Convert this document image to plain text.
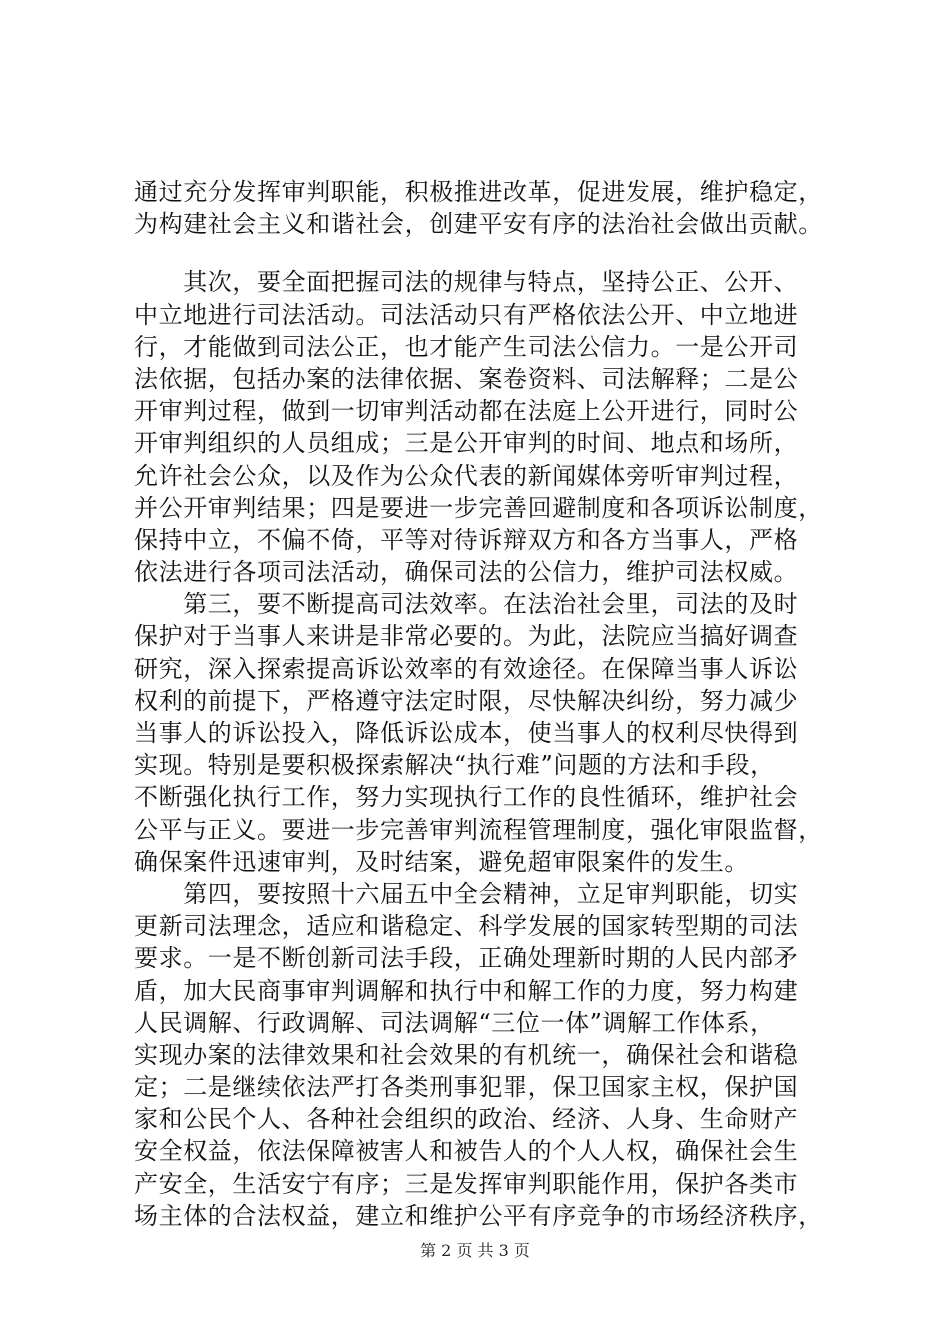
通过充分发挥审判职能，积极推进改革，促进发展，维护稳定，
为构建社会主义和谐社会，创建平安有序的法治社会做出贡献。
　　其次，要全面把握司法的规律与特点，坚持公正、公开、
中立地进行司法活动。司法活动只有严格依法公开、中立地进
行，才能做到司法公正，也才能产生司法公信力。一是公开司
法依据，包括办案的法律依据、案卷资料、司法解释；二是公
开审判过程，做到一切审判活动都在法庭上公开进行，同时公
开审判组织的人员组成；三是公开审判的时间、地点和场所，
允许社会公众，以及作为公众代表的新闻媒体旁听审判过程，
并公开审判结果；四是要进一步完善回避制度和各项诉讼制度，
保持中立，不偏不倚，平等对待诉辩双方和各方当事人，严格
依法进行各项司法活动，确保司法的公信力，维护司法权威。
　　第三，要不断提高司法效率。在法治社会里，司法的及时
保护对于当事人来讲是非常必要的。为此，法院应当搞好调查
研究，深入探索提高诉讼效率的有效途径。在保障当事人诉讼
权利的前提下，严格遵守法定时限，尽快解决纠纷，努力减少
当事人的诉讼投入，降低诉讼成本，使当事人的权利尽快得到
实现。特别是要积极探索解决“执行难”问题的方法和手段，
不断强化执行工作，努力实现执行工作的良性循环，维护社会
公平与正义。要进一步完善审判流程管理制度，强化审限监督，
确保案件迅速审判，及时结案，避免超审限案件的发生。
　　第四，要按照十六届五中全会精神，立足审判职能，切实
更新司法理念，适应和谐稳定、科学发展的国家转型期的司法
要求。一是不断创新司法手段，正确处理新时期的人民内部矛
盾，加大民商事审判调解和执行中和解工作的力度，努力构建
人民调解、行政调解、司法调解“三位一体”调解工作体系，
实现办案的法律效果和社会效果的有机统一，确保社会和谐稳
定；二是继续依法严打各类刑事犯罪，保卫国家主权，保护国
家和公民个人、各种社会组织的政治、经济、人身、生命财产
安全权益，依法保障被害人和被告人的个人人权，确保社会生
产安全，生活安宁有序；三是发挥审判职能作用，保护各类市
场主体的合法权益，建立和维护公平有序竞争的市场经济秩序，
第 2 页 共 3 页
